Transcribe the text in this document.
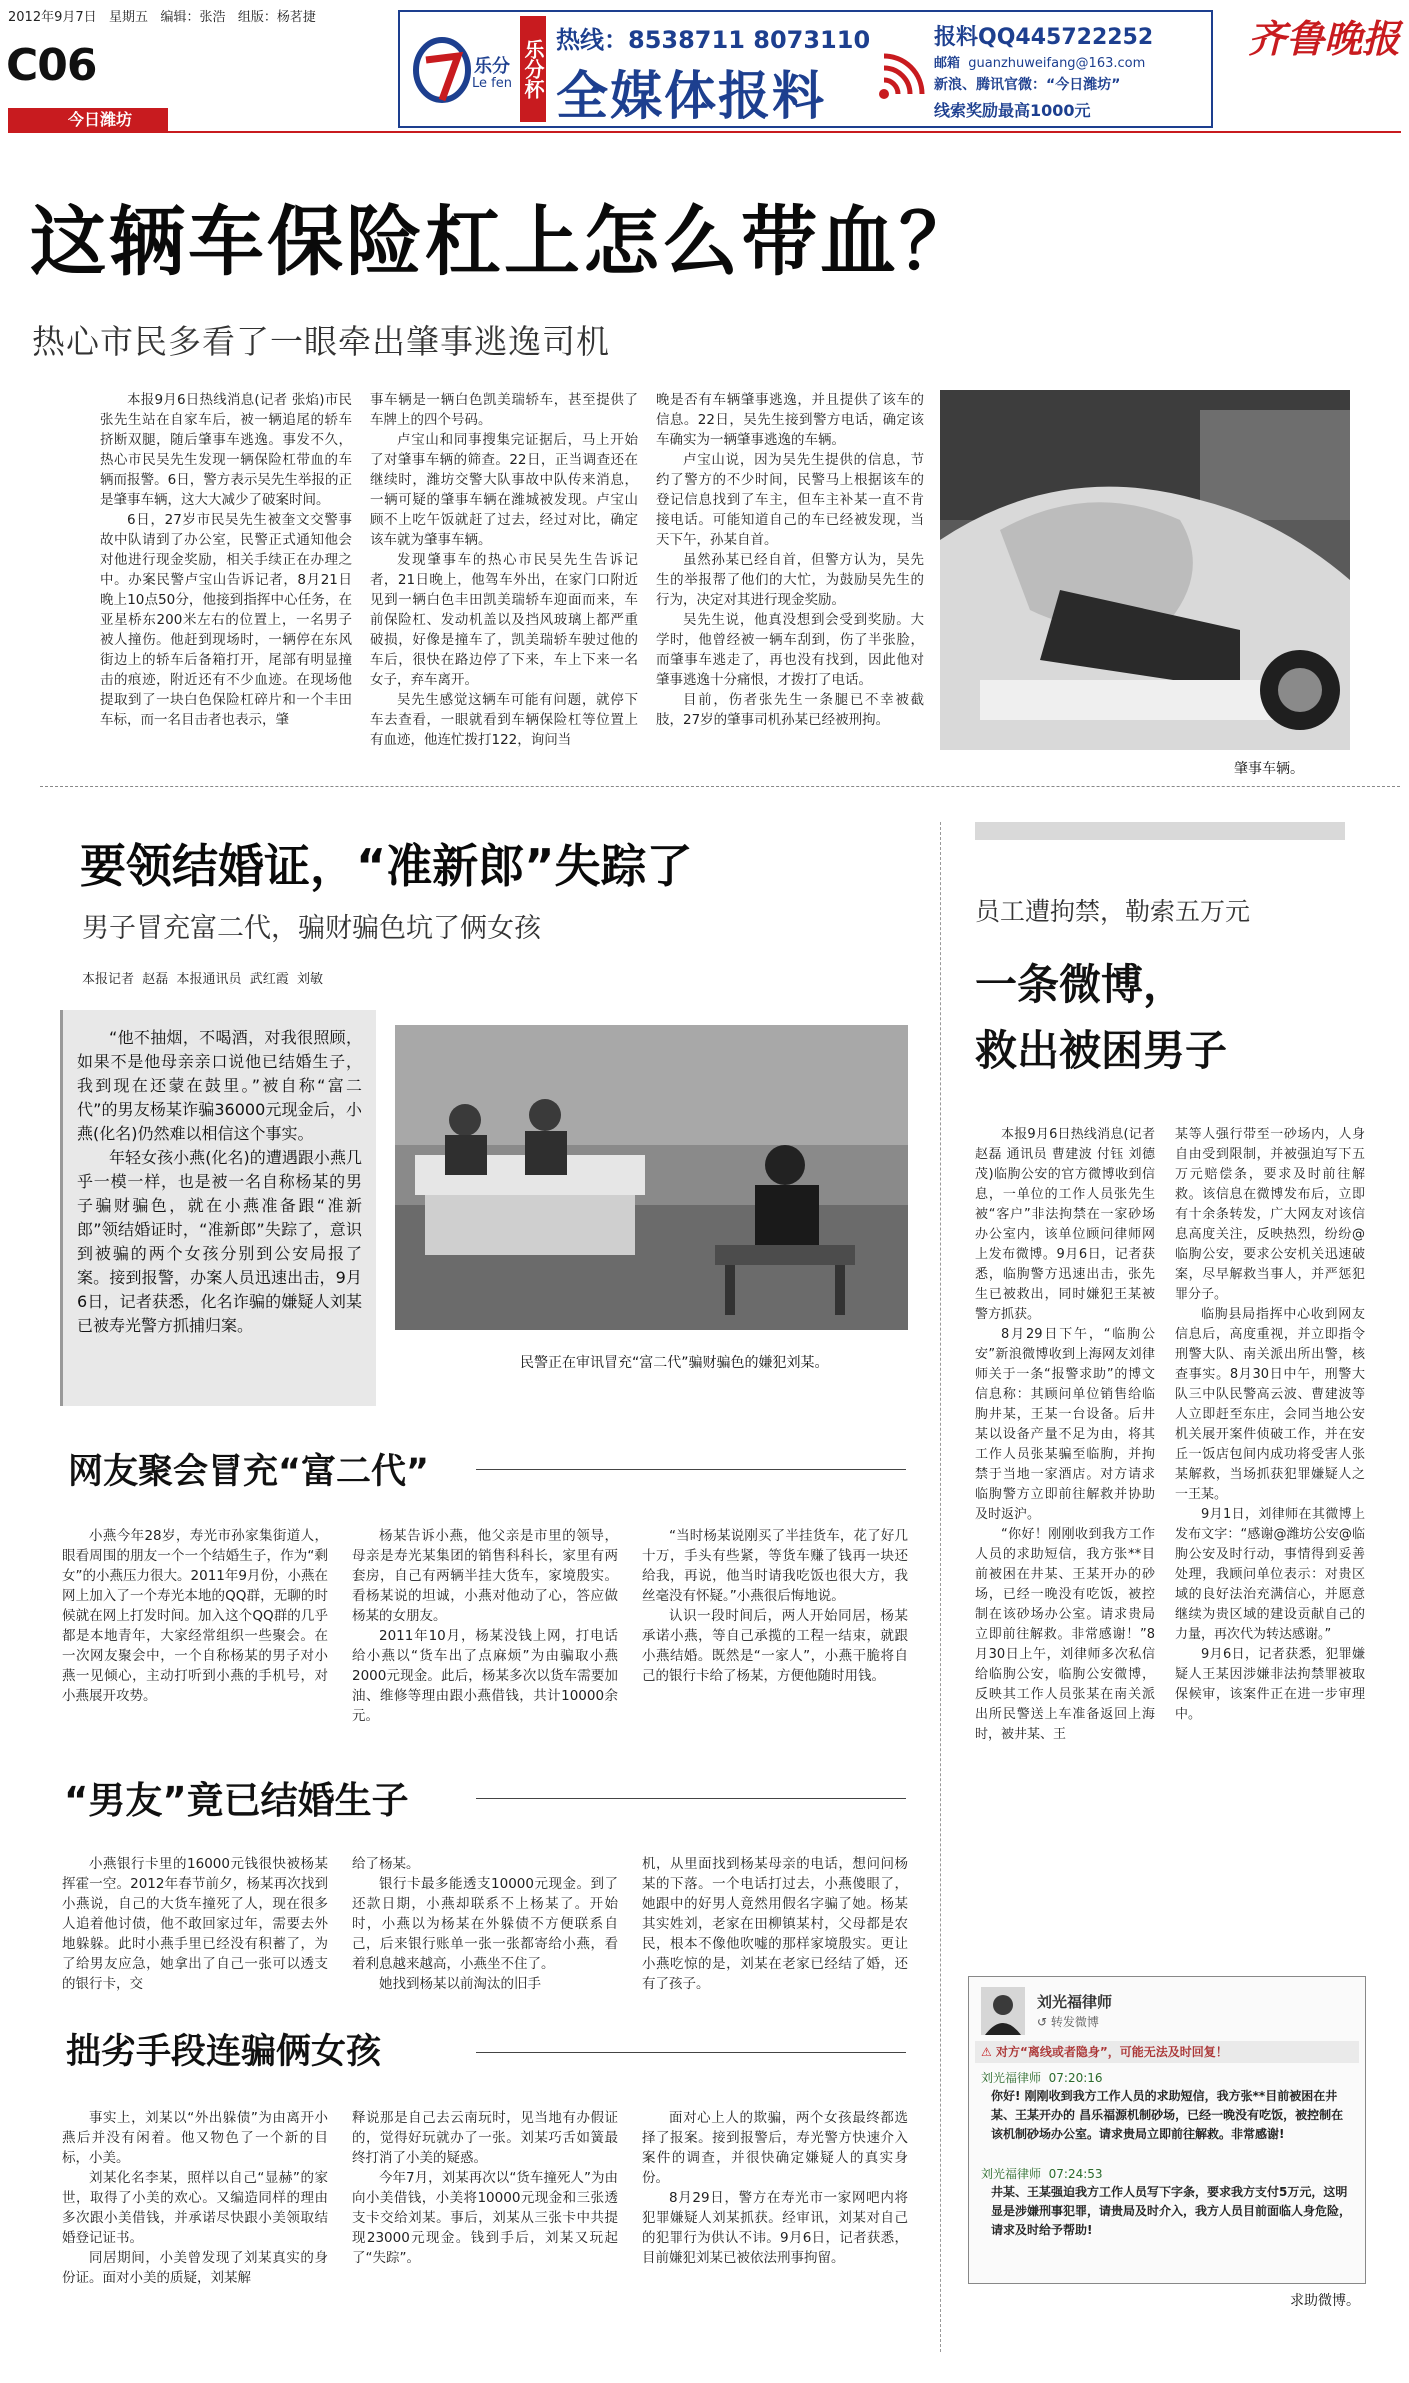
2012年9月7日 星期五 编辑：张浩 组版：杨茗捷
C06
今日潍坊
乐分
Le fen 乐分杯 热线：8538711 8073110
全媒体报料
报料QQ445722252
邮箱 guanzhuweifang@163.com
新浪、腾讯官微：“今日潍坊”
线索奖励最高1000元
齐鲁晚报
这辆车保险杠上怎么带血？
热心市民多看了一眼牵出肇事逃逸司机

本报9月6日热线消息(记者 张焰)市民张先生站在自家车后，被一辆追尾的轿车挤断双腿，随后肇事车逃逸。事发不久，热心市民吴先生发现一辆保险杠带血的车辆而报警。6日，警方表示吴先生举报的正是肇事车辆，这大大减少了破案时间。

6日，27岁市民吴先生被奎文交警事故中队请到了办公室，民警正式通知他会对他进行现金奖励，相关手续正在办理之中。办案民警卢宝山告诉记者，8月21日晚上10点50分，他接到指挥中心任务，在亚星桥东200米左右的位置上，一名男子被人撞伤。他赶到现场时，一辆停在东风街边上的轿车后备箱打开，尾部有明显撞击的痕迹，附近还有不少血迹。在现场他提取到了一块白色保险杠碎片和一个丰田车标，而一名目击者也表示，肇

事车辆是一辆白色凯美瑞轿车，甚至提供了车牌上的四个号码。

卢宝山和同事搜集完证据后，马上开始了对肇事车辆的筛查。22日，正当调查还在继续时，潍坊交警大队事故中队传来消息，一辆可疑的肇事车辆在潍城被发现。卢宝山顾不上吃午饭就赶了过去，经过对比，确定该车就为肇事车辆。

发现肇事车的热心市民吴先生告诉记者，21日晚上，他驾车外出，在家门口附近见到一辆白色丰田凯美瑞轿车迎面而来，车前保险杠、发动机盖以及挡风玻璃上都严重破损，好像是撞车了，凯美瑞轿车驶过他的车后，很快在路边停了下来，车上下来一名女子，弃车离开。

吴先生感觉这辆车可能有问题，就停下车去查看，一眼就看到车辆保险杠等位置上有血迹，他连忙拨打122，询问当

晚是否有车辆肇事逃逸，并且提供了该车的信息。22日，吴先生接到警方电话，确定该车确实为一辆肇事逃逸的车辆。

卢宝山说，因为吴先生提供的信息，节约了警方的不少时间，民警马上根据该车的登记信息找到了车主，但车主补某一直不肯接电话。可能知道自己的车已经被发现，当天下午，孙某自首。

虽然孙某已经自首，但警方认为，吴先生的举报帮了他们的大忙，为鼓励吴先生的行为，决定对其进行现金奖励。

吴先生说，他真没想到会受到奖励。大学时，他曾经被一辆车刮到，伤了半张脸，而肇事车逃走了，再也没有找到，因此他对肇事逃逸十分痛恨，才拨打了电话。

目前，伤者张先生一条腿已不幸被截肢，27岁的肇事司机孙某已经被刑拘。

肇事车辆。
要领结婚证，“准新郎”失踪了
男子冒充富二代，骗财骗色坑了俩女孩
本报记者  赵磊  本报通讯员  武红霞  刘敏

“他不抽烟，不喝酒，对我很照顾，如果不是他母亲亲口说他已结婚生子，我到现在还蒙在鼓里。”被自称“富二代”的男友杨某诈骗36000元现金后，小燕(化名)仍然难以相信这个事实。

年轻女孩小燕(化名)的遭遇跟小燕几乎一模一样，也是被一名自称杨某的男子骗财骗色，就在小燕准备跟“准新郎”领结婚证时，“准新郎”失踪了，意识到被骗的两个女孩分别到公安局报了案。接到报警，办案人员迅速出击，9月6日，记者获悉，化名诈骗的嫌疑人刘某已被寿光警方抓捕归案。

民警正在审讯冒充“富二代”骗财骗色的嫌犯刘某。
网友聚会冒充“富二代”

小燕今年28岁，寿光市孙家集街道人，眼看周围的朋友一个一个结婚生子，作为“剩女”的小燕压力很大。2011年9月份，小燕在网上加入了一个寿光本地的QQ群，无聊的时候就在网上打发时间。加入这个QQ群的几乎都是本地青年，大家经常组织一些聚会。在一次网友聚会中，一个自称杨某的男子对小燕一见倾心，主动打听到小燕的手机号，对小燕展开攻势。

杨某告诉小燕，他父亲是市里的领导，母亲是寿光某集团的销售科科长，家里有两套房，自己有两辆半挂大货车，家境殷实。看杨某说的坦诚，小燕对他动了心，答应做杨某的女朋友。

2011年10月，杨某没钱上网，打电话给小燕以“货车出了点麻烦”为由骗取小燕2000元现金。此后，杨某多次以货车需要加油、维修等理由跟小燕借钱，共计10000余元。

“当时杨某说刚买了半挂货车，花了好几十万，手头有些紧，等货车赚了钱再一块还给我，再说，他当时请我吃饭也很大方，我丝毫没有怀疑。”小燕很后悔地说。

认识一段时间后，两人开始同居，杨某承诺小燕，等自己承揽的工程一结束，就跟小燕结婚。既然是“一家人”，小燕干脆将自己的银行卡给了杨某，方便他随时用钱。

“男友”竟已结婚生子

小燕银行卡里的16000元钱很快被杨某挥霍一空。2012年春节前夕，杨某再次找到小燕说，自己的大货车撞死了人，现在很多人追着他讨债，他不敢回家过年，需要去外地躲躲。此时小燕手里已经没有积蓄了，为了给男友应急，她拿出了自己一张可以透支的银行卡，交

给了杨某。

银行卡最多能透支10000元现金。到了还款日期，小燕却联系不上杨某了。开始时，小燕以为杨某在外躲债不方便联系自己，后来银行账单一张一张都寄给小燕，看着利息越来越高，小燕坐不住了。

她找到杨某以前淘汰的旧手

机，从里面找到杨某母亲的电话，想问问杨某的下落。一个电话打过去，小燕傻眼了，她跟中的好男人竟然用假名字骗了她。杨某其实姓刘，老家在田柳镇某村，父母都是农民，根本不像他吹嘘的那样家境殷实。更让小燕吃惊的是，刘某在老家已经结了婚，还有了孩子。

拙劣手段连骗俩女孩

事实上，刘某以“外出躲债”为由离开小燕后并没有闲着。他又物色了一个新的目标，小美。

刘某化名李某，照样以自己“显赫”的家世，取得了小美的欢心。又编造同样的理由多次跟小美借钱，并承诺尽快跟小美领取结婚登记证书。

同居期间，小美曾发现了刘某真实的身份证。面对小美的质疑，刘某解

释说那是自己去云南玩时，见当地有办假证的，觉得好玩就办了一张。刘某巧舌如簧最终打消了小美的疑惑。

今年7月，刘某再次以“货车撞死人”为由向小美借钱，小美将10000元现金和三张透支卡交给刘某。事后，刘某从三张卡中共提现23000元现金。钱到手后，刘某又玩起了“失踪”。

面对心上人的欺骗，两个女孩最终都选择了报案。接到报警后，寿光警方快速介入案件的调查，并很快确定嫌疑人的真实身份。

8月29日，警方在寿光市一家网吧内将犯罪嫌疑人刘某抓获。经审讯，刘某对自己的犯罪行为供认不讳。9月6日，记者获悉，目前嫌犯刘某已被依法刑事拘留。

员工遭拘禁，勒索五万元
一条微博，
救出被困男子

本报9月6日热线消息(记者 赵磊 通讯员 曹建波 付钰 刘德茂)临朐公安的官方微博收到信息，一单位的工作人员张先生被“客户”非法拘禁在一家砂场办公室内，该单位顾问律师网上发布微博。9月6日，记者获悉，临朐警方迅速出击，张先生已被救出，同时嫌犯王某被警方抓获。

8月29日下午，“临朐公安”新浪微博收到上海网友刘律师关于一条“报警求助”的博文信息称：其顾问单位销售给临朐井某，王某一台设备。后井某以设备产量不足为由，将其工作人员张某骗至临朐，并拘禁于当地一家酒店。对方请求临朐警方立即前往解救并协助及时返沪。

“你好！刚刚收到我方工作人员的求助短信，我方张**目前被困在井某、王某开办的砂场，已经一晚没有吃饭，被控制在该砂场办公室。请求贵局立即前往解救。非常感谢！”8月30日上午，刘律师多次私信给临朐公安，临朐公安微博，反映其工作人员张某在南关派出所民警送上车准备返回上海时，被井某、王

某等人强行带至一砂场内，人身自由受到限制，并被强迫写下五万元赔偿条，要求及时前往解救。该信息在微博发布后，立即有十余条转发，广大网友对该信息高度关注，反映热烈，纷纷@临朐公安，要求公安机关迅速破案，尽早解救当事人，并严惩犯罪分子。

临朐县局指挥中心收到网友信息后，高度重视，并立即指令刑警大队、南关派出所出警，核查事实。8月30日中午，刑警大队三中队民警高云波、曹建波等人立即赶至东庄，会同当地公安机关展开案件侦破工作，并在安丘一饭店包间内成功将受害人张某解救，当场抓获犯罪嫌疑人之一王某。

9月1日，刘律师在其微博上发布文字：“感谢@潍坊公安@临朐公安及时行动，事情得到妥善处理，我顾问单位表示：对贵区域的良好法治充满信心，并愿意继续为贵区域的建设贡献自己的力量，再次代为转达感谢。”

9月6日，记者获悉，犯罪嫌疑人王某因涉嫌非法拘禁罪被取保候审，该案件正在进一步审理中。

刘光福律师
↺ 转发微博
⚠ 对方“离线或者隐身”，可能无法及时回复！
刘光福律师  07:20:16
你好! 刚刚收到我方工作人员的求助短信，我方张**目前被困在井某、王某开办的 昌乐福源机制砂场，已经一晚没有吃饭，被控制在该机制砂场办公室。请求贵局立即前往解救。非常感谢!
刘光福律师  07:24:53
井某、王某强迫我方工作人员写下字条，要求我方支付5万元，这明显是涉嫌刑事犯罪，请贵局及时介入，我方人员目前面临人身危险，请求及时给予帮助!
求助微博。
